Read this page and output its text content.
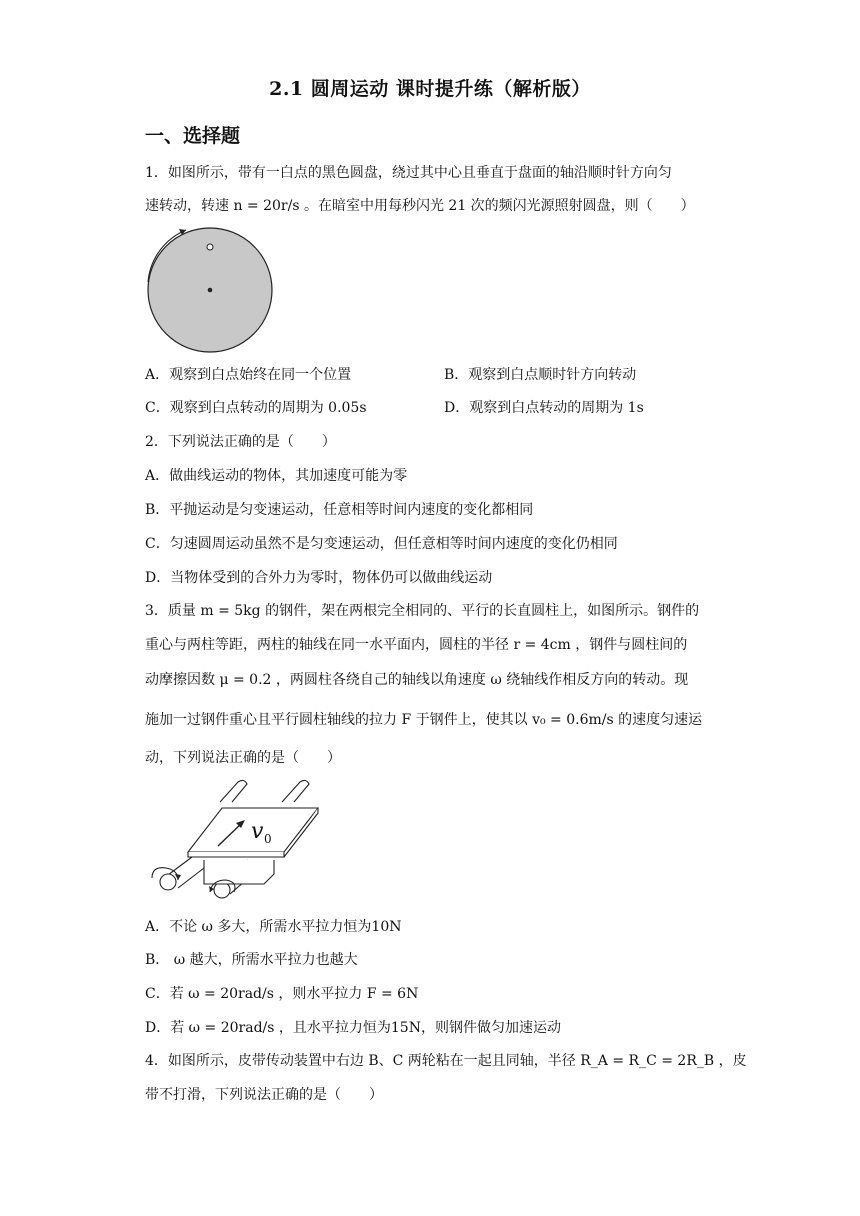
2.1 圆周运动 课时提升练（解析版）
一、选择题
1．如图所示，带有一白点的黑色圆盘，绕过其中心且垂直于盘面的轴沿顺时针方向匀
速转动，转速 n = 20r/s 。在暗室中用每秒闪光 21 次的频闪光源照射圆盘，则（　　）
A．观察到白点始终在同一个位置	B．观察到白点顺时针方向转动
C．观察到白点转动的周期为 0.05s	D．观察到白点转动的周期为 1s
2．下列说法正确的是（　　）
A．做曲线运动的物体，其加速度可能为零
B．平抛运动是匀变速运动，任意相等时间内速度的变化都相同
C．匀速圆周运动虽然不是匀变速运动，但任意相等时间内速度的变化仍相同
D．当物体受到的合外力为零时，物体仍可以做曲线运动
3．质量 m = 5kg 的钢件，架在两根完全相同的、平行的长直圆柱上，如图所示。钢件的
重心与两柱等距，两柱的轴线在同一水平面内，圆柱的半径 r = 4cm ，钢件与圆柱间的
动摩擦因数 μ = 0.2 ，两圆柱各绕自己的轴线以角速度 ω 绕轴线作相反方向的转动。现
施加一过钢件重心且平行圆柱轴线的拉力 F 于钢件上，使其以 v₀ = 0.6m/s 的速度匀速运
动，下列说法正确的是（　　）
v 0
A．不论 ω 多大，所需水平拉力恒为10N
B． ω 越大，所需水平拉力也越大
C．若 ω = 20rad/s ，则水平拉力 F = 6N
D．若 ω = 20rad/s ，且水平拉力恒为15N，则钢件做匀加速运动
4．如图所示，皮带传动装置中右边 B、C 两轮粘在一起且同轴，半径 R_A = R_C = 2R_B ，皮
带不打滑，下列说法正确的是（　　）
